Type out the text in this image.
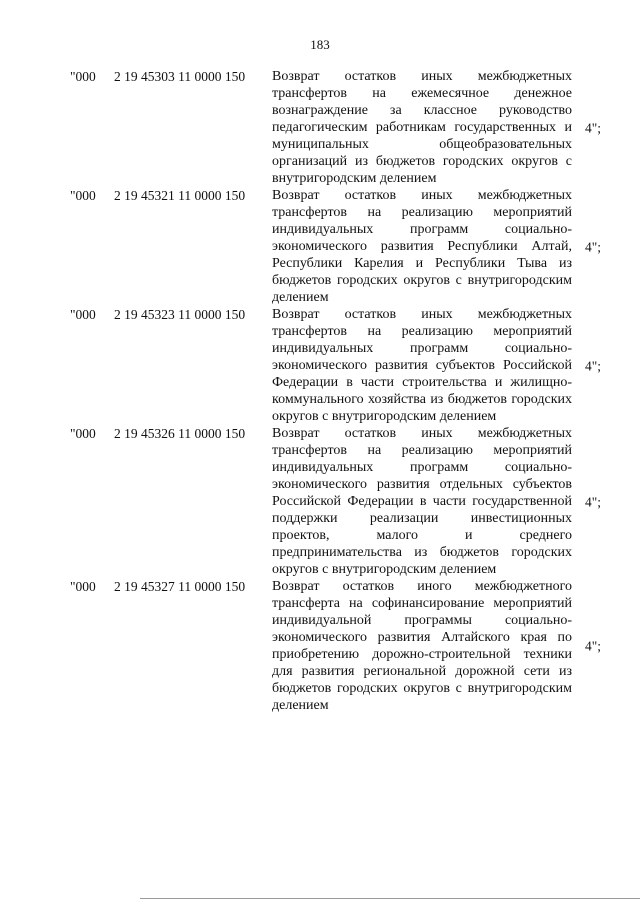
183
"000 2 19 45303 11 0000 150 Возврат остатков иных межбюджетных трансфертов на ежемесячное денежное вознаграждение за классное руководство педагогическим работникам государственных и муниципальных общеобразовательных организаций из бюджетов городских округов с внутригородским делением
4";
"000 2 19 45321 11 0000 150 Возврат остатков иных межбюджетных трансфертов на реализацию мероприятий индивидуальных программ социально-экономического развития Республики Алтай, Республики Карелия и Республики Тыва из бюджетов городских округов с внутригородским делением
4";
"000 2 19 45323 11 0000 150 Возврат остатков иных межбюджетных трансфертов на реализацию мероприятий индивидуальных программ социально-экономического развития субъектов Российской Федерации в части строительства и жилищно-коммунального хозяйства из бюджетов городских округов с внутригородским делением
4";
"000 2 19 45326 11 0000 150 Возврат остатков иных межбюджетных трансфертов на реализацию мероприятий индивидуальных программ социально-экономического развития отдельных субъектов Российской Федерации в части государственной поддержки реализации инвестиционных проектов, малого и среднего предпринимательства из бюджетов городских округов с внутригородским делением
4";
"000 2 19 45327 11 0000 150 Возврат остатков иного межбюджетного трансферта на софинансирование мероприятий индивидуальной программы социально-экономического развития Алтайского края по приобретению дорожно-строительной техники для развития региональной дорожной сети из бюджетов городских округов с внутригородским делением
4";
